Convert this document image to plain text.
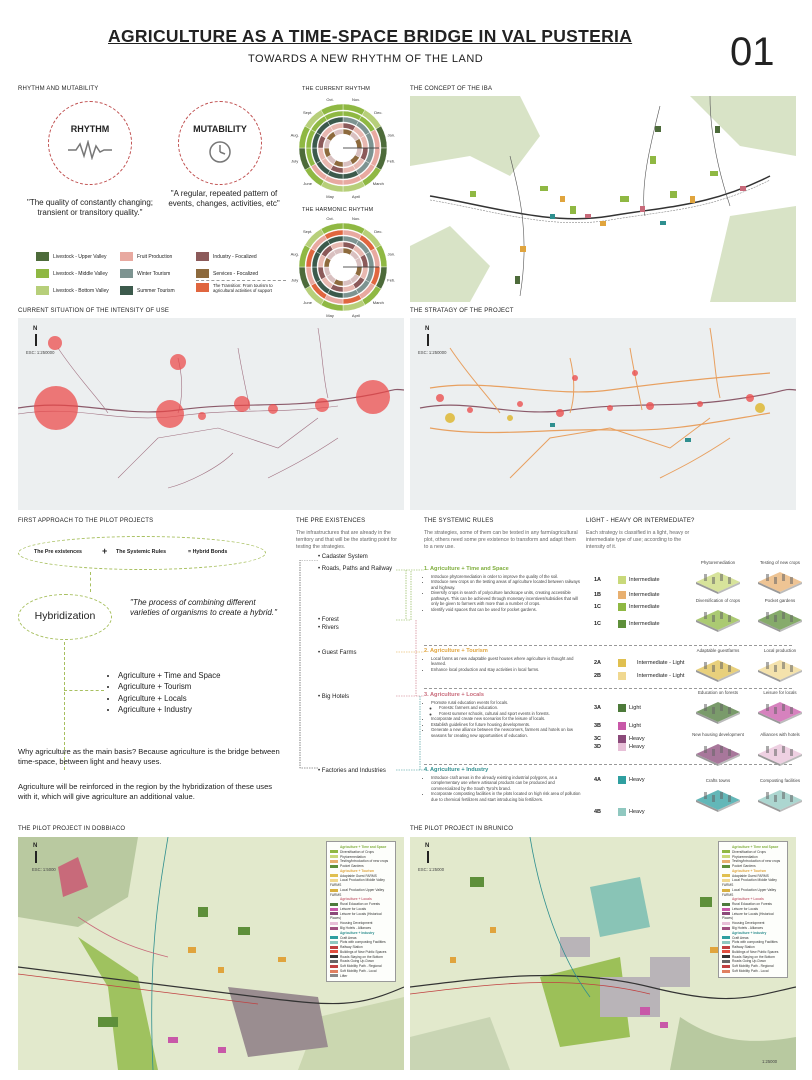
AGRICULTURE AS A TIME-SPACE BRIDGE IN VAL PUSTERIA
TOWARDS A NEW RHYTHM OF THE LAND	01
RHYTHM AND MUTABILITY
RHYTHM	MUTABILITY
"The quality of constantly changing; transient or transitory quality."
"A regular, repeated pattern of events, changes, activities, etc"
Livestock - Upper Valley
Livestock - Middle Valley
Livestock - Bottom Valley
Fruit Production
Winter Tourism
Summer Tourism
Industry - Focalized
Services - Focalized
The Transition: From tourism to agricultural activities of support
THE CURRENT RHYTHM
Nov.
Dec.
Jan.
Feb.
March
April
May
June
July
Aug.
Sept.
Oct.
THE HARMONIC RHYTHM
Nov.
Dec.
Jan.
Feb.
March
April
May
June
July
Aug.
Sept.
Oct.
THE CONCEPT OF THE IBA
CURRENT SITUATION OF THE INTENSITY OF USE
N
ESC: 1:250000
THE STRATAGY OF THE PROJECT
N
ESC: 1:250000
FIRST APPROACH TO THE PILOT PROJECTS
The Pre existences + The Systemic Rules	= Hybrid Bonds
Hybridization
"The process of combining different varieties of organisms to create a hybrid."
• Agriculture + Time and Space
• Agriculture + Tourism
• Agriculture + Locals
• Agriculture + Industry
Why agriculture as the main basis? Because agriculture is the bridge between time-space, between light and heavy uses.
Agriculture will be reinforced in the region by the hybridization of these uses with it, which will give agriculture an additional value.
THE PRE EXISTENCES
The infrastructures that are already in the territory and that will be the starting point for testing the strategies.
• Cadaster System
• Roads, Paths and Railway
• Forest
• Rivers
• Guest Farms
• Big Hotels
• Factories and Industries
THE SYSTEMIC RULES
The strategies, some of them can be tested in any farm/agricultural plot, others need some pre existence to transform and adapt them to a new use.
1. Agriculture + Time and Space
• Introduce phytoremediation in order to improve the quality of the soil.
• Introduce new crops on the testing areas of agriculture located between railways and highway.
• Diversify crops in search of polyculture landscape units, creating accessible pathways. This can be achieved through monetary incentives/subsidies that will only be given to farmers with more than a number of crops.
• Identify void spaces that can be used for pocket gardens.
2. Agriculture + Tourism
• Local farms as new adaptable guest houses where agriculture is thought and learned.
• Enhance local production and stay activities in local farms.
3. Agriculture + Locals
• Promote rural education events for locals.
◦ Forests: farmers and education.
◦ Forest summer schools, cultural and sport events in forests.
• Incorporate and create new scenarios for the leisure of locals.
• Establish guidelines for future housing developments.
• Generate a new alliance between the newcomers, farmers and hotels on low seasons for creating new opportunities of education.
4. Agriculture + Industry
• Introduce craft areas in the already existing industrial polygons, as a complementary use where artisanal products can be produced and commercialized by the South Tyrol's brand.
• Incorporate composting facilities in the plots located on high risk area of pollution due to chemical fertilizers and start introducing bio fertilizers.
LIGHT - HEAVY OR INTERMEDIATE?
Each strategy is classified in a light, heavy or intermediate type of use; according to the intensity of it.
1A	Intermediate
1B	Intermediate
1C	Intermediate
1C	Intermediate
2A	Intermediate - Light
2B	Intermediate - Light
3A	Light
3B	Light
3C	Heavy
3D	Heavy
4A	Heavy
4B	Heavy
Phytoremediation	Testing of new crops
Diversification of crops	Pocket gardens
Adaptable guestfarms	Local production
Education on forests	Leisure for locals
New housing development	Alliances with hotels
Crafts towns	Composting facilities
THE PILOT PROJECT IN DOBBIACO
N
ESC: 1:5000
Agriculture + Time and Space
Diversification of Crops
Phytoremediation
Testing/Introduction of new crops
Pocket Gardens
Agriculture + Tourism
Adaptable Guest FARMS
Local Production Middle Valley FARMS
Local Production Upper Valley FARMS
Agriculture + Locals
Rural Education on Forests
Leisure for Locals
Leisure for Locals (Historical Places)
Housing Development
Big Hotels - Alliances
Agriculture + Industry
Craft Areas
Plots with composting Facilities
Railway Station
Buildings of New Public Spaces
Roads Staying on the Bottom
Roads Going Up-Down
Soft Mobility Path - Regional
Soft Mobility Path - Local
Lifter
THE PILOT PROJECT IN BRUNICO
N
ESC: 1:25000
1:25000
Agriculture + Time and Space
Diversification of Crops
Phytoremediation
Testing/Introduction of new crops
Pocket Gardens
Agriculture + Tourism
Adaptable Guest FARMS
Local Production Middle Valley FARMS
Local Production Upper Valley FARMS
Agriculture + Locals
Rural Education on Forests
Leisure for Locals
Leisure for Locals (Historical Places)
Housing Development
Big Hotels - Alliances
Agriculture + Industry
Craft Areas
Plots with composting Facilities
Railway Station
Buildings of New Public Spaces
Roads Staying on the Bottom
Roads Going Up-Down
Soft Mobility Path - Regional
Soft Mobility Path - Local
